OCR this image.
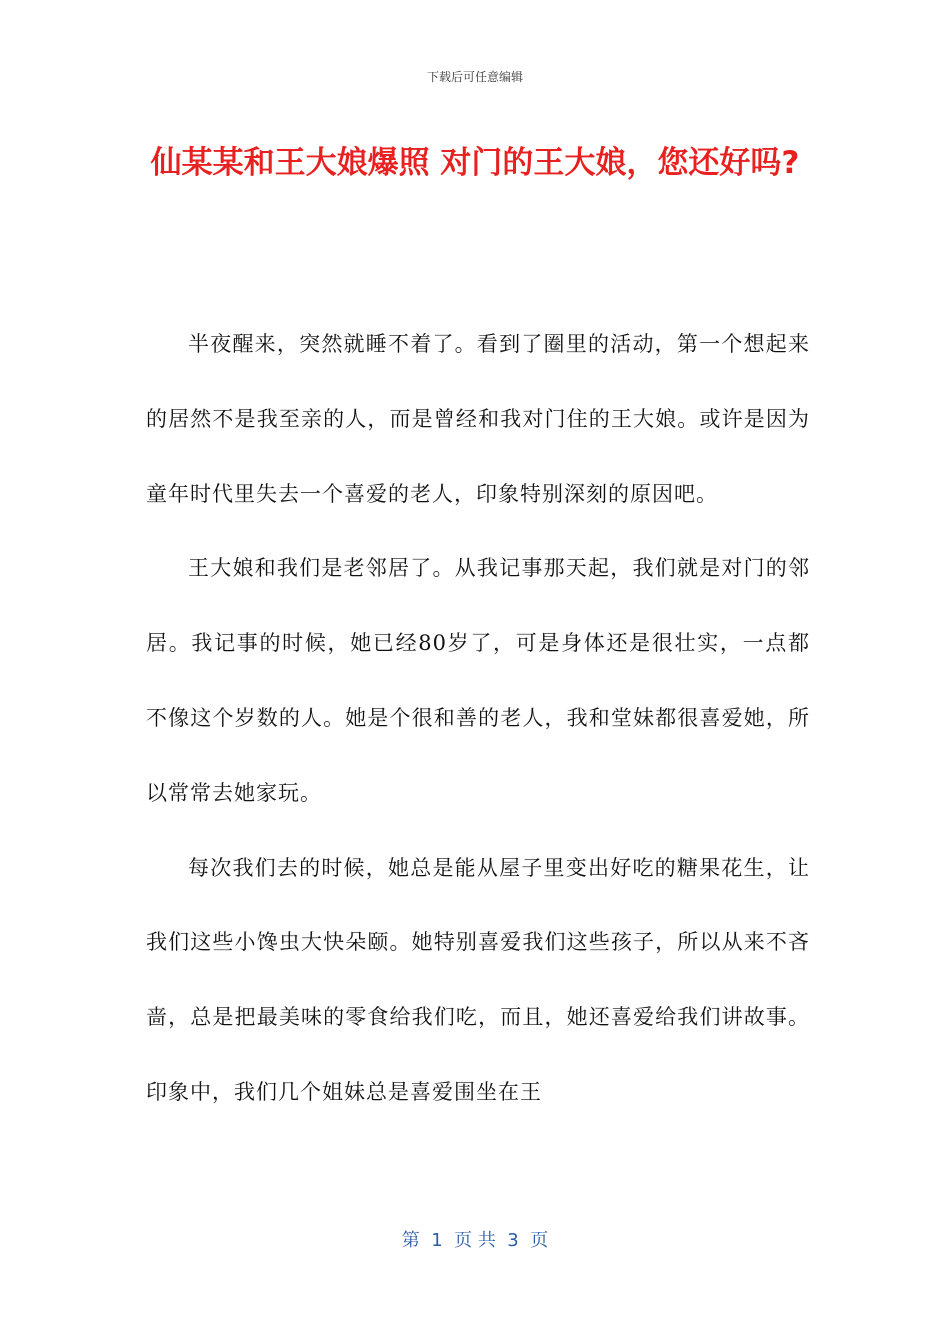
下载后可任意编辑
仙某某和王大娘爆照 对门的王大娘，您还好吗?

半夜醒来，突然就睡不着了。看到了圈里的活动，第一个想起来的居然不是我至亲的人，而是曾经和我对门住的王大娘。或许是因为童年时代里失去一个喜爱的老人，印象特别深刻的原因吧。

王大娘和我们是老邻居了。从我记事那天起，我们就是对门的邻居。我记事的时候，她已经80岁了，可是身体还是很壮实，一点都不像这个岁数的人。她是个很和善的老人，我和堂妹都很喜爱她，所以常常去她家玩。

每次我们去的时候，她总是能从屋子里变出好吃的糖果花生，让我们这些小馋虫大快朵颐。她特别喜爱我们这些孩子，所以从来不吝啬，总是把最美味的零食给我们吃，而且，她还喜爱给我们讲故事。印象中，我们几个姐妹总是喜爱围坐在王

第  1  页 共  3  页
